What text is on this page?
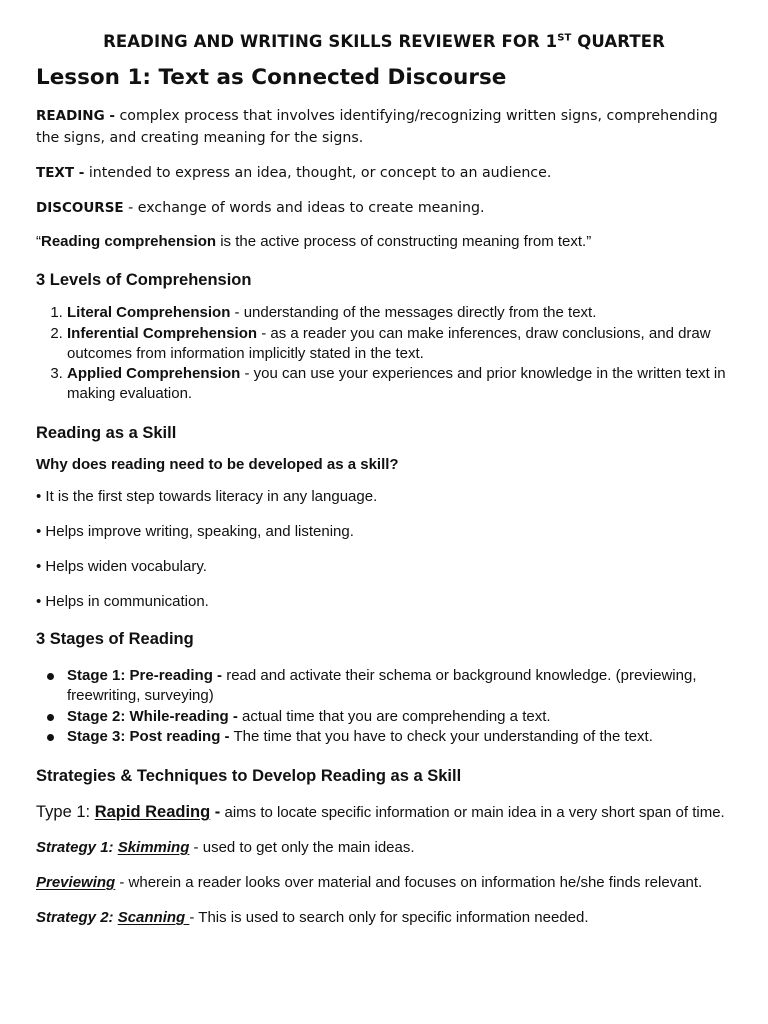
READING AND WRITING SKILLS REVIEWER FOR 1ST QUARTER
Lesson 1: Text as Connected Discourse

READING - complex process that involves identifying/recognizing written signs, comprehending the signs, and creating meaning for the signs.

TEXT - intended to express an idea, thought, or concept to an audience.

DISCOURSE - exchange of words and ideas to create meaning.

“Reading comprehension is the active process of constructing meaning from text.”

3 Levels of Comprehension
1. Literal Comprehension - understanding of the messages directly from the text.
2. Inferential Comprehension - as a reader you can make inferences, draw conclusions, and draw outcomes from information implicitly stated in the text.
3. Applied Comprehension - you can use your experiences and prior knowledge in the written text in making evaluation.
Reading as a Skill
Why does reading need to be developed as a skill?

• It is the first step towards literacy in any language.

• Helps improve writing, speaking, and listening.

• Helps widen vocabulary.

• Helps in communication.

3 Stages of Reading
Stage 1: Pre-reading - read and activate their schema or background knowledge. (previewing, freewriting, surveying)
Stage 2: While-reading - actual time that you are comprehending a text.
Stage 3: Post reading - The time that you have to check your understanding of the text.
Strategies & Techniques to Develop Reading as a Skill

Type 1: Rapid Reading - aims to locate specific information or main idea in a very short span of time.

Strategy 1: Skimming - used to get only the main ideas.

Previewing - wherein a reader looks over material and focuses on information he/she finds relevant.

Strategy 2: Scanning - This is used to search only for specific information needed.
